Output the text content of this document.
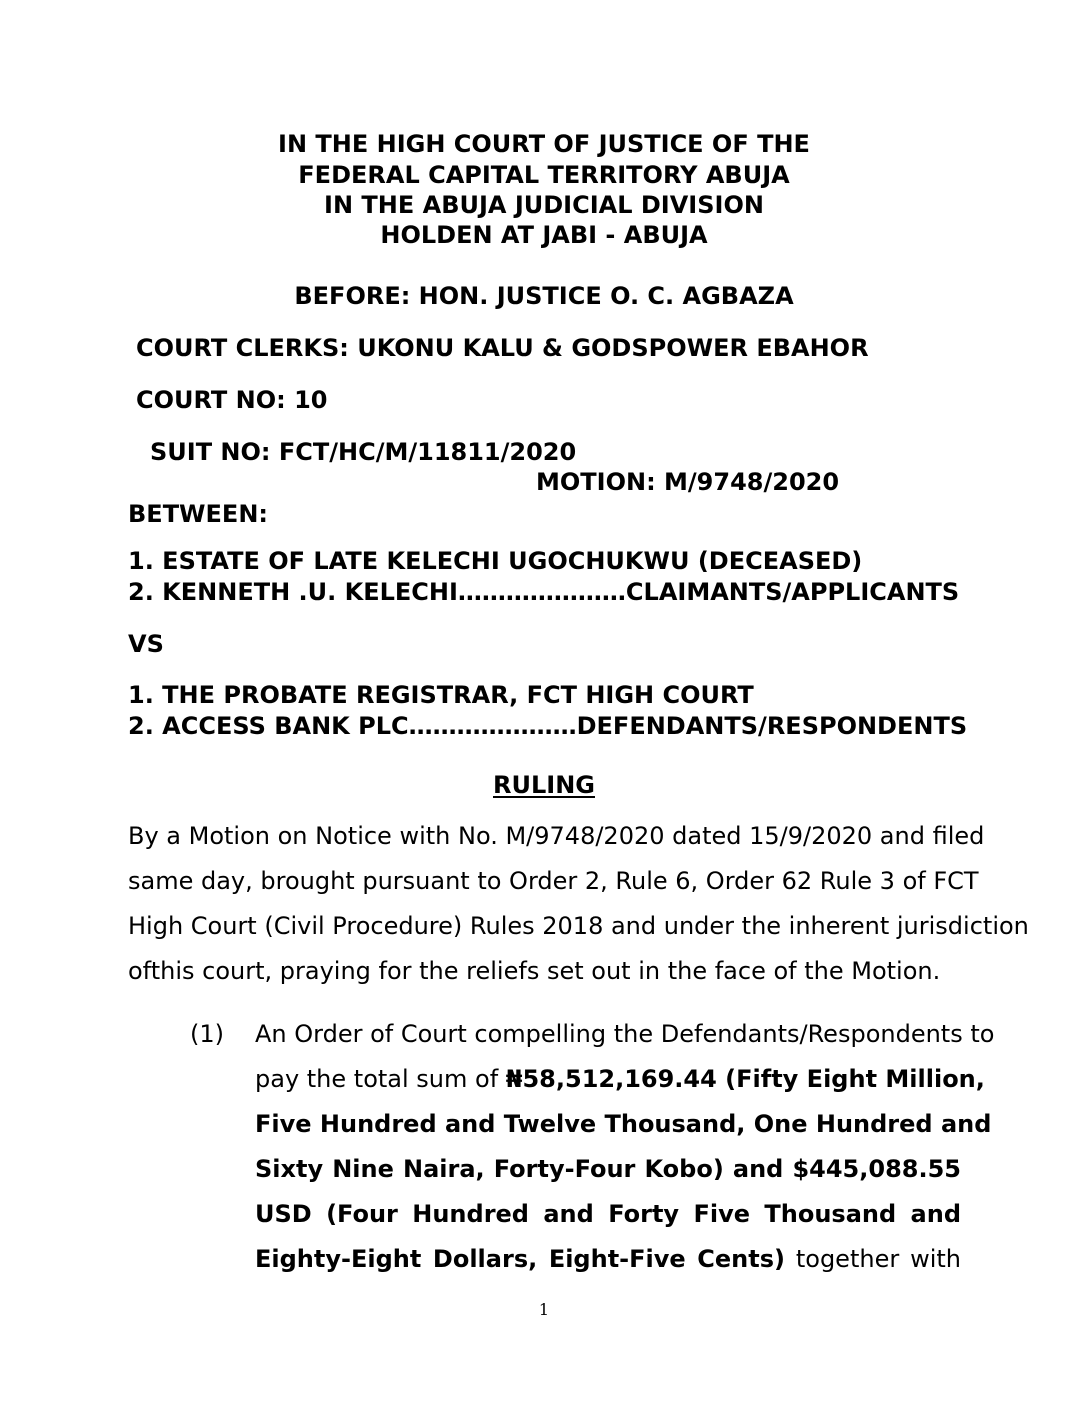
IN THE HIGH COURT OF JUSTICE OF THE
FEDERAL CAPITAL TERRITORY ABUJA
IN THE ABUJA JUDICIAL DIVISION
HOLDEN AT JABI - ABUJA
BEFORE: HON. JUSTICE O. C. AGBAZA
COURT CLERKS: UKONU KALU & GODSPOWER EBAHOR
COURT NO: 10
SUIT NO: FCT/HC/M/11811/2020
MOTION: M/9748/2020
BETWEEN:
1. ESTATE OF LATE KELECHI UGOCHUKWU (DECEASED)
2. KENNETH .U. KELECHI…………………CLAIMANTS/APPLICANTS
VS
1. THE PROBATE REGISTRAR, FCT HIGH COURT
2. ACCESS BANK PLC…………………DEFENDANTS/RESPONDENTS
RULING
By a Motion on Notice with No. M/9748/2020 dated 15/9/2020 and filed
same day, brought pursuant to Order 2, Rule 6, Order 62 Rule 3 of FCT
High Court (Civil Procedure) Rules 2018 and under the inherent jurisdiction
ofthis court, praying for the reliefs set out in the face of the Motion.
(1) An Order of Court compelling the Defendants/Respondents to
pay the total sum of ₦58,512,169.44 (Fifty Eight Million,
Five Hundred and Twelve Thousand, One Hundred and
Sixty Nine Naira, Forty-Four Kobo) and $445,088.55
USD (Four Hundred and Forty Five Thousand and
Eighty-Eight Dollars, Eight-Five Cents) together with
1
